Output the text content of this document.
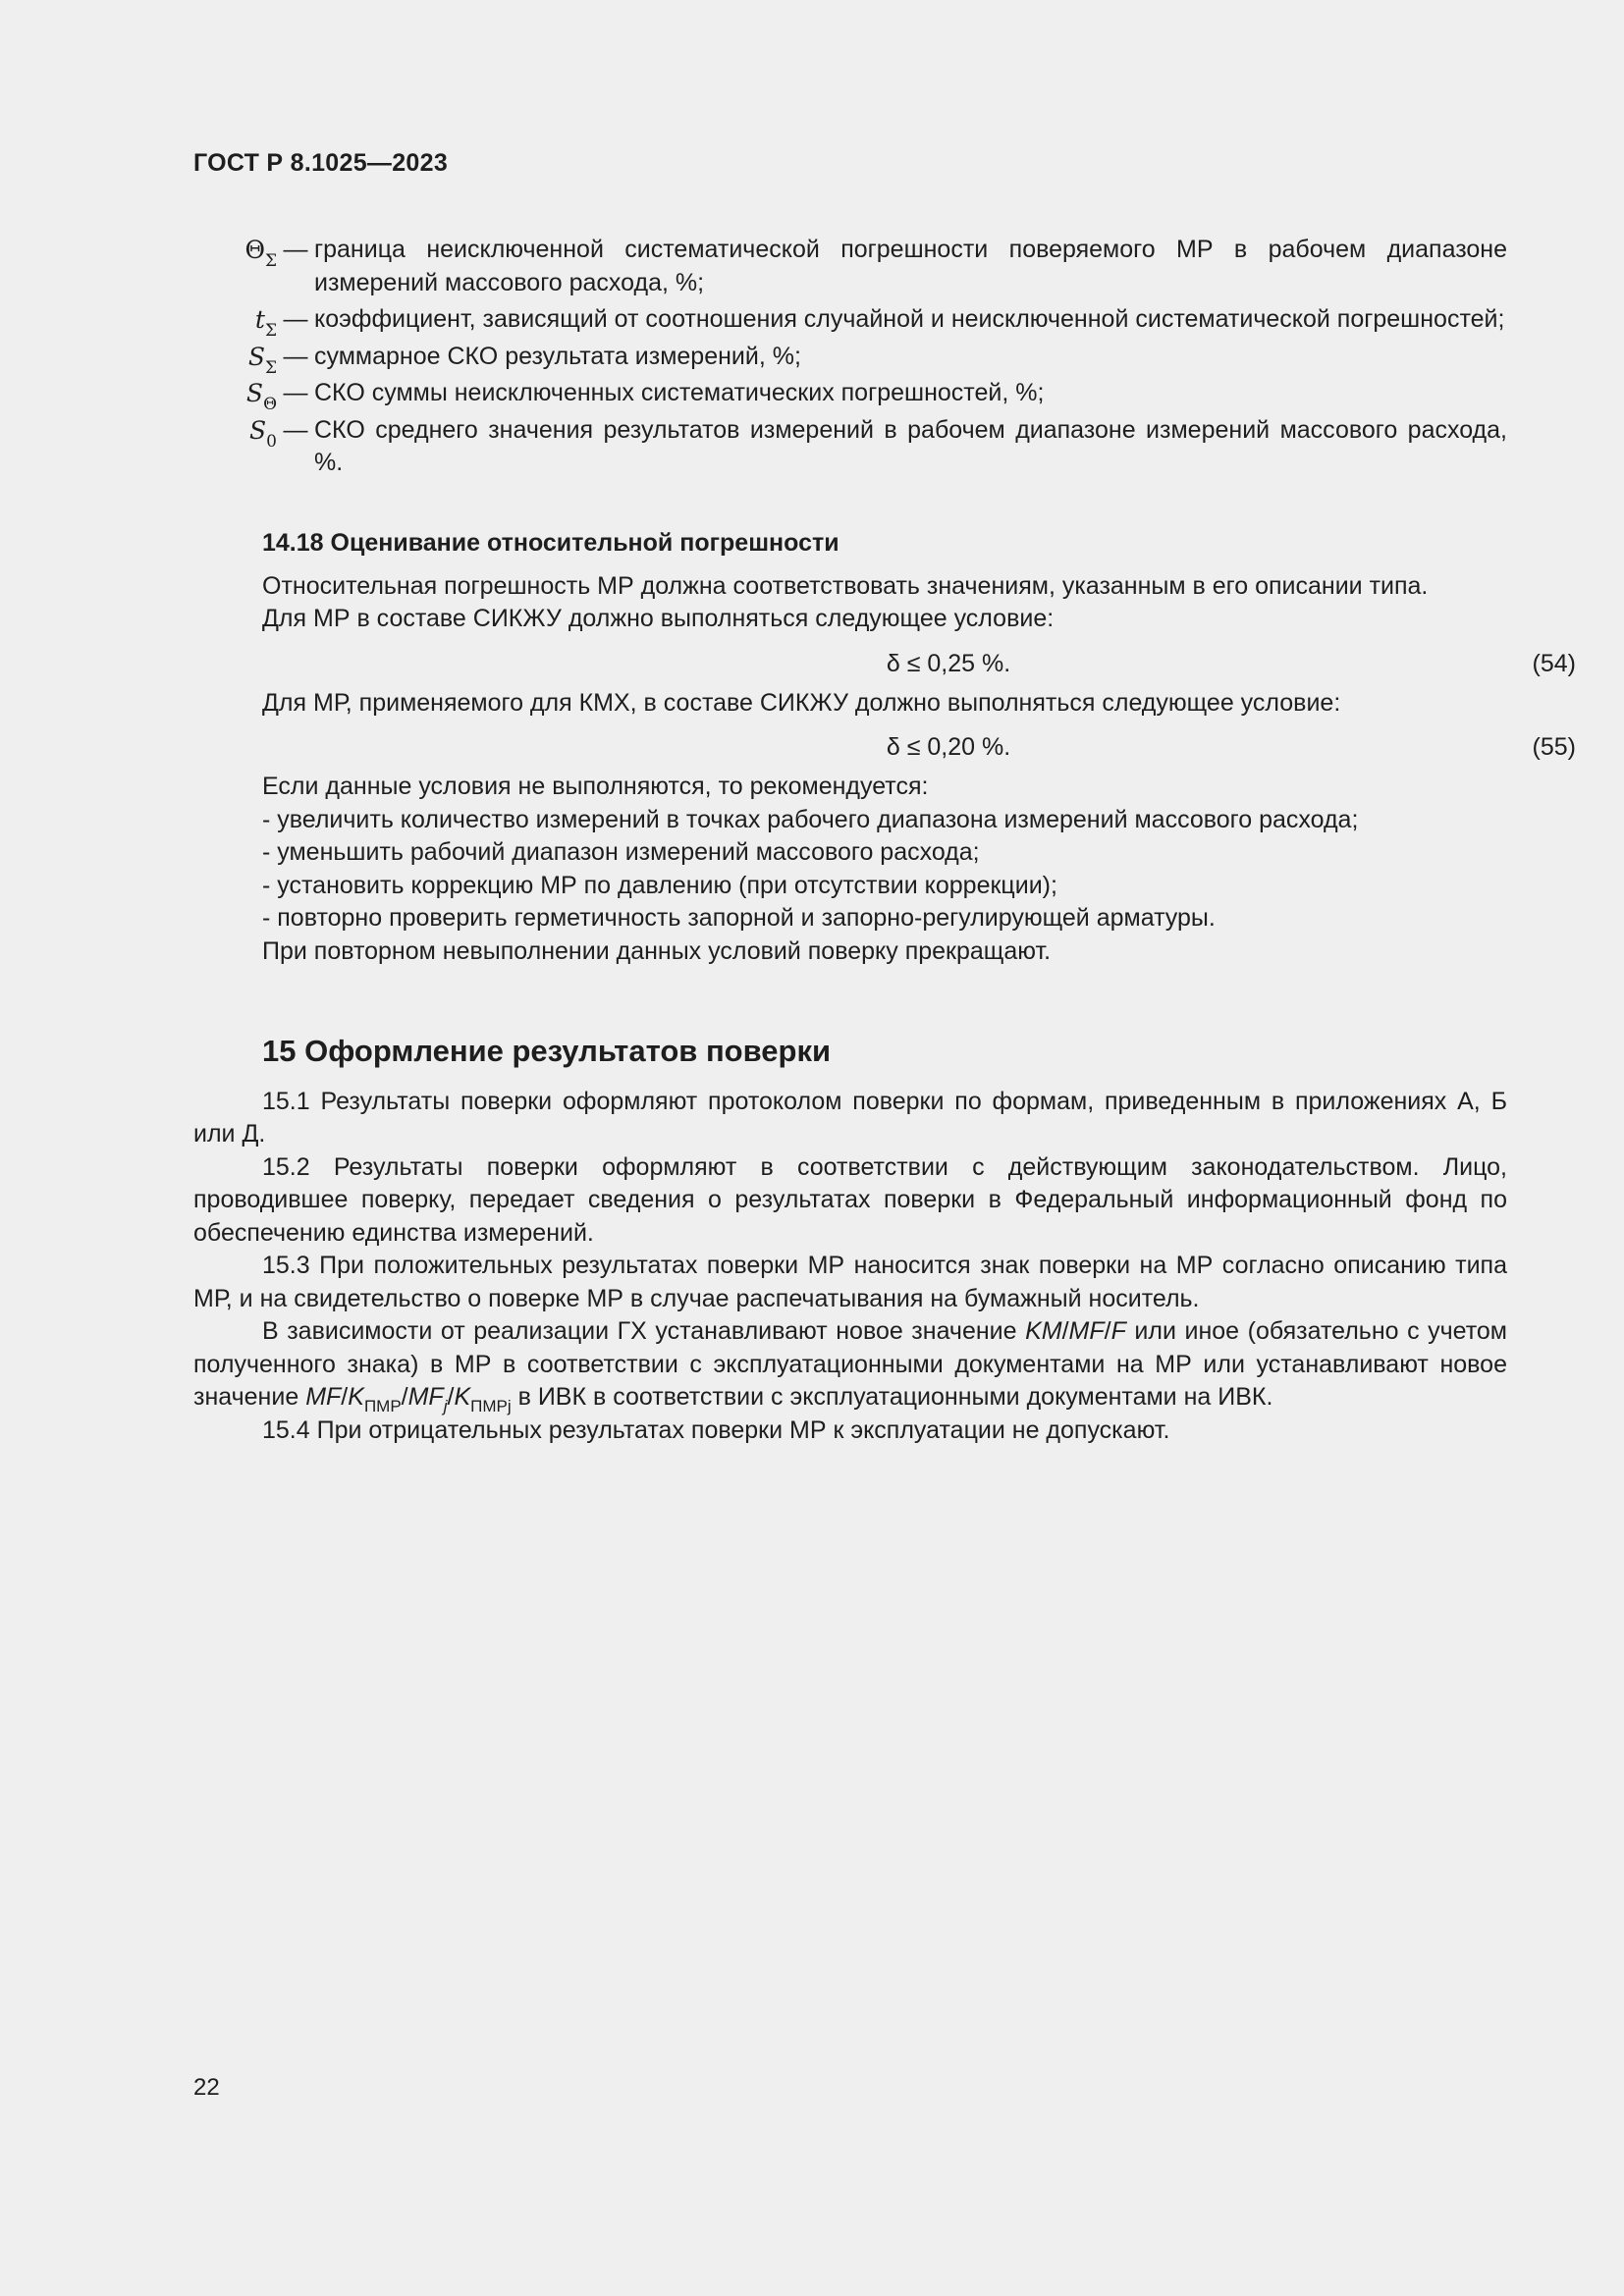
ГОСТ Р 8.1025—2023
$\Theta_\Sigma$ — граница неисключенной систематической погрешности поверяемого МР в рабочем диапазоне измерений массового расхода, %;
$t_\Sigma$ — коэффициент, зависящий от соотношения случайной и неисключенной систематической погрешностей;
$S_\Sigma$ — суммарное СКО результата измерений, %;
$S_\Theta$ — СКО суммы неисключенных систематических погрешностей, %;
$S_0$ — СКО среднего значения результатов измерений в рабочем диапазоне измерений массового расхода, %.
14.18 Оценивание относительной погрешности
Относительная погрешность МР должна соответствовать значениям, указанным в его описании типа.
Для МР в составе СИКЖУ должно выполняться следующее условие:
δ ≤ 0,25 %.	(54)
Для МР, применяемого для КМХ, в составе СИКЖУ должно выполняться следующее условие:
δ ≤ 0,20 %.	(55)
Если данные условия не выполняются, то рекомендуется:
- увеличить количество измерений в точках рабочего диапазона измерений массового расхода;
- уменьшить рабочий диапазон измерений массового расхода;
- установить коррекцию МР по давлению (при отсутствии коррекции);
- повторно проверить герметичность запорной и запорно-регулирующей арматуры.
При повторном невыполнении данных условий поверку прекращают.
15 Оформление результатов поверки
15.1 Результаты поверки оформляют протоколом поверки по формам, приведенным в приложениях А, Б или Д.
15.2 Результаты поверки оформляют в соответствии с действующим законодательством. Лицо, проводившее поверку, передает сведения о результатах поверки в Федеральный информационный фонд по обеспечению единства измерений.
15.3 При положительных результатах поверки МР наносится знак поверки на МР согласно описанию типа МР, и на свидетельство о поверке МР в случае распечатывания на бумажный носитель.
В зависимости от реализации ГХ устанавливают новое значение KM/MF/F или иное (обязательно с учетом полученного знака) в МР в соответствии с эксплуатационными документами на МР или устанавливают новое значение $MF/K_{ПМР}/MF_j/K_{ПМРj}$ в ИВК в соответствии с эксплуатационными документами на ИВК.
15.4 При отрицательных результатах поверки МР к эксплуатации не допускают.
22
